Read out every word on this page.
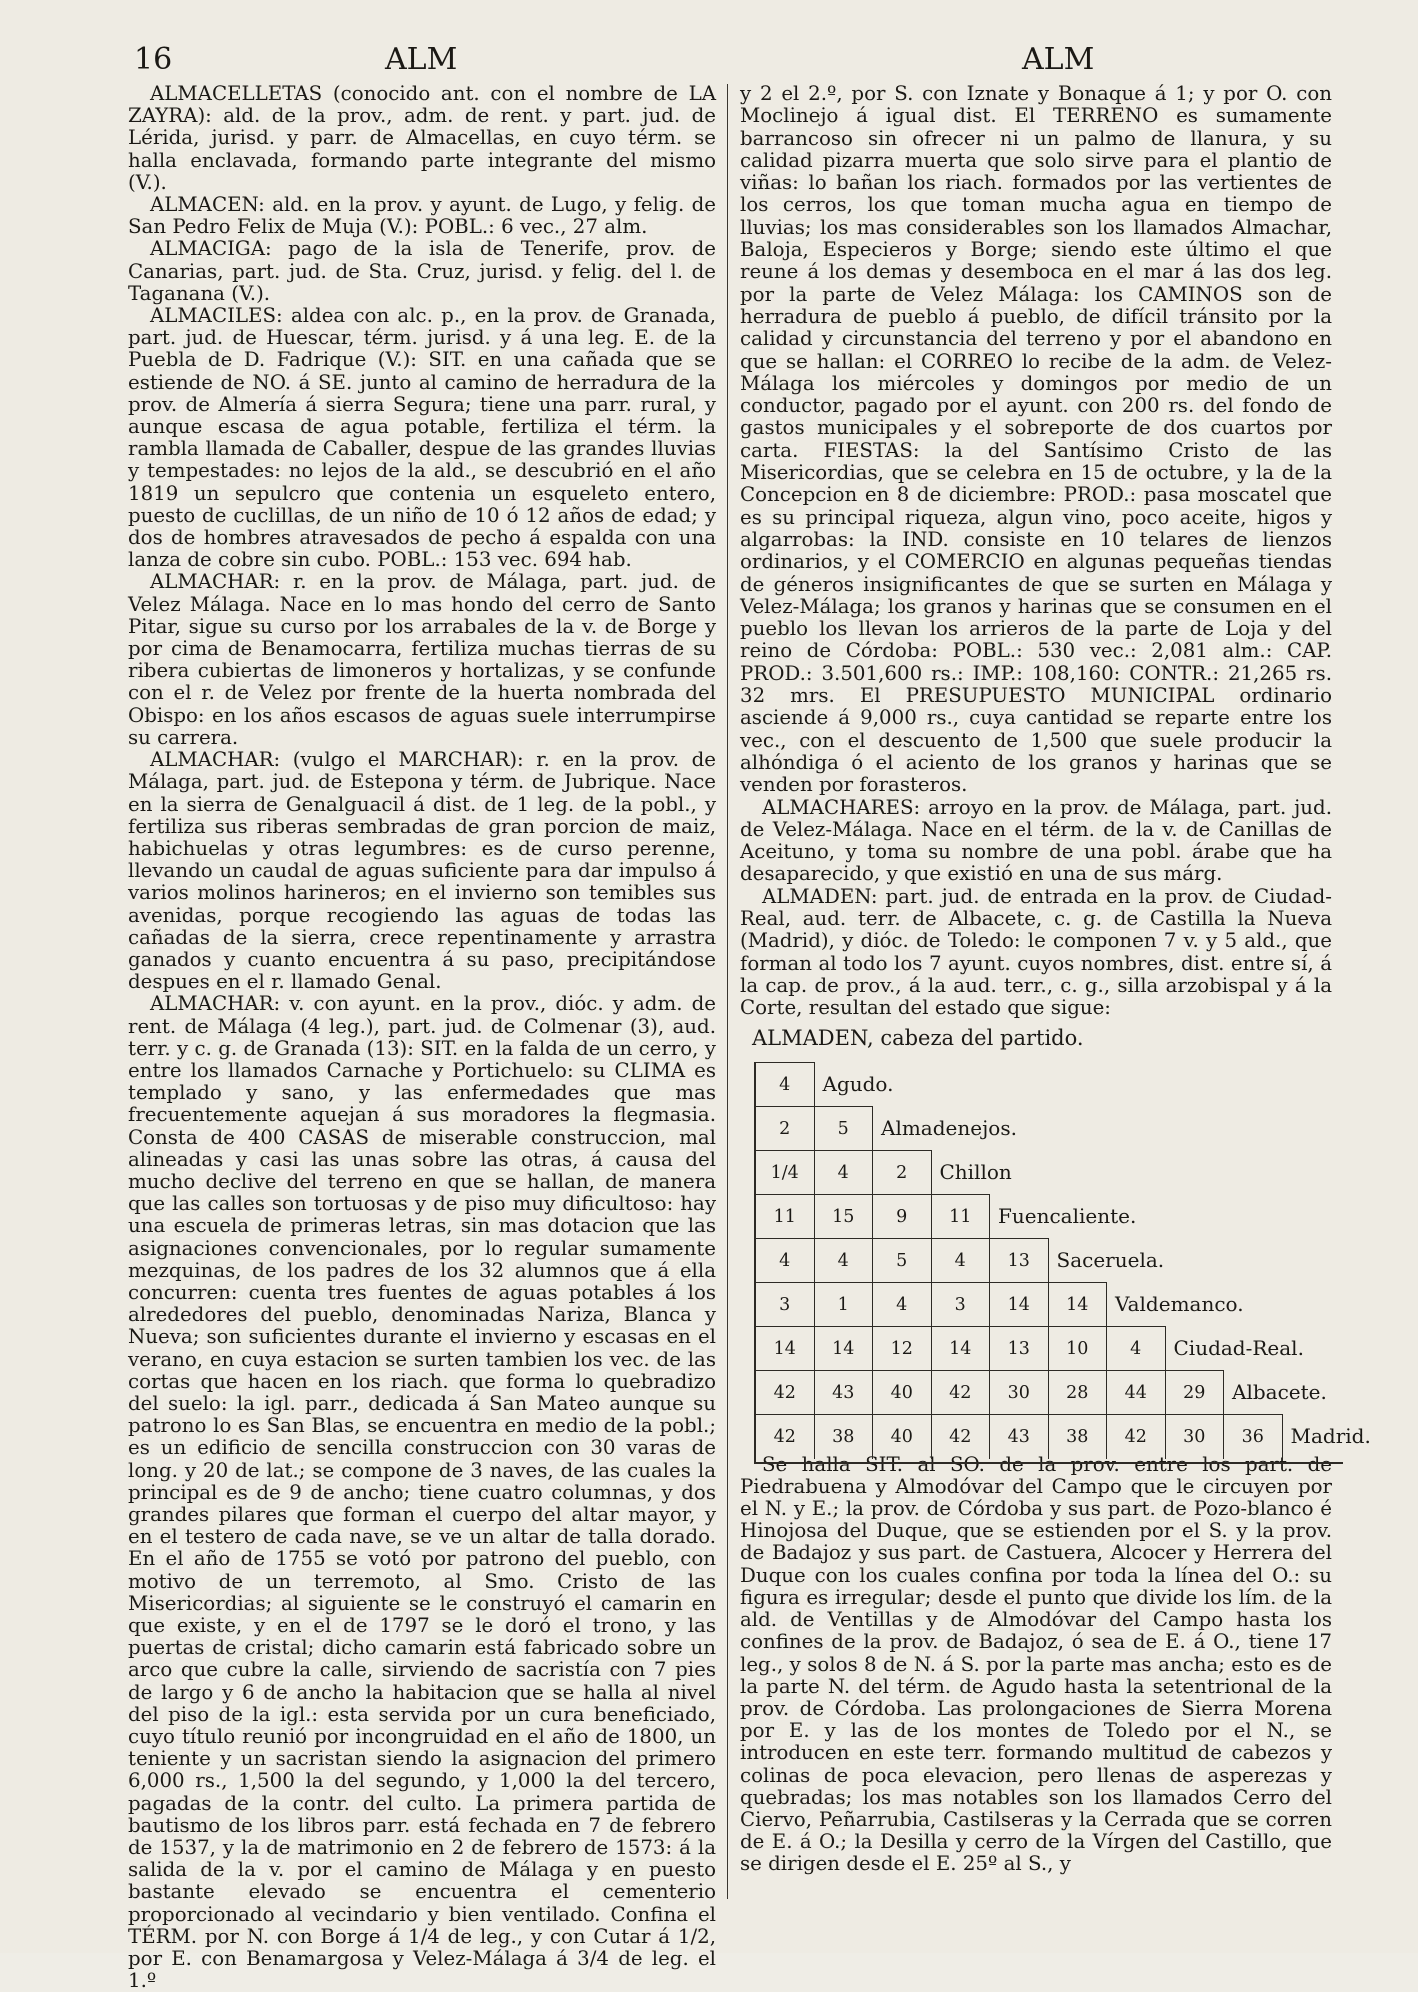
16	ALM	ALM

ALMACELLETAS (conocido ant. con el nombre de LA ZAYRA): ald. de la prov., adm. de rent. y part. jud. de Lérida, jurisd. y parr. de Almacellas, en cuyo térm. se halla enclavada, formando parte integrante del mismo (V.).

ALMACEN: ald. en la prov. y ayunt. de Lugo, y felig. de San Pedro Felix de Muja (V.): POBL.: 6 vec., 27 alm.

ALMACIGA: pago de la isla de Tenerife, prov. de Canarias, part. jud. de Sta. Cruz, jurisd. y felig. del l. de Taganana (V.).

ALMACILES: aldea con alc. p., en la prov. de Granada, part. jud. de Huescar, térm. jurisd. y á una leg. E. de la Puebla de D. Fadrique (V.): SIT. en una cañada que se estiende de NO. á SE. junto al camino de herradura de la prov. de Almería á sierra Segura; tiene una parr. rural, y aunque escasa de agua potable, fertiliza el térm. la rambla llamada de Caballer, despue de las grandes lluvias y tempestades: no lejos de la ald., se descubrió en el año 1819 un sepulcro que contenia un esqueleto entero, puesto de cuclillas, de un niño de 10 ó 12 años de edad; y dos de hombres atravesados de pecho á espalda con una lanza de cobre sin cubo. POBL.: 153 vec. 694 hab.

ALMACHAR: r. en la prov. de Málaga, part. jud. de Velez Málaga. Nace en lo mas hondo del cerro de Santo Pitar, sigue su curso por los arrabales de la v. de Borge y por cima de Benamocarra, fertiliza muchas tierras de su ribera cubiertas de limoneros y hortalizas, y se confunde con el r. de Velez por frente de la huerta nombrada del Obispo: en los años escasos de aguas suele interrumpirse su carrera.

ALMACHAR: (vulgo el MARCHAR): r. en la prov. de Málaga, part. jud. de Estepona y térm. de Jubrique. Nace en la sierra de Genalguacil á dist. de 1 leg. de la pobl., y fertiliza sus riberas sembradas de gran porcion de maiz, habichuelas y otras legumbres: es de curso perenne, llevando un caudal de aguas suficiente para dar impulso á varios molinos harineros; en el invierno son temibles sus avenidas, porque recogiendo las aguas de todas las cañadas de la sierra, crece repentinamente y arrastra ganados y cuanto encuentra á su paso, precipitándose despues en el r. llamado Genal.

ALMACHAR: v. con ayunt. en la prov., dióc. y adm. de rent. de Málaga (4 leg.), part. jud. de Colmenar (3), aud. terr. y c. g. de Granada (13): SIT. en la falda de un cerro, y entre los llamados Carnache y Portichuelo: su CLIMA es templado y sano, y las enfermedades que mas frecuentemente aquejan á sus moradores la flegmasia. Consta de 400 CASAS de miserable construccion, mal alineadas y casi las unas sobre las otras, á causa del mucho declive del terreno en que se hallan, de manera que las calles son tortuosas y de piso muy dificultoso: hay una escuela de primeras letras, sin mas dotacion que las asignaciones convencionales, por lo regular sumamente mezquinas, de los padres de los 32 alumnos que á ella concurren: cuenta tres fuentes de aguas potables á los alrededores del pueblo, denominadas Nariza, Blanca y Nueva; son suficientes durante el invierno y escasas en el verano, en cuya estacion se surten tambien los vec. de las cortas que hacen en los riach. que forma lo quebradizo del suelo: la igl. parr., dedicada á San Mateo aunque su patrono lo es San Blas, se encuentra en medio de la pobl.; es un edificio de sencilla construccion con 30 varas de long. y 20 de lat.; se compone de 3 naves, de las cuales la principal es de 9 de ancho; tiene cuatro columnas, y dos grandes pilares que forman el cuerpo del altar mayor, y en el testero de cada nave, se ve un altar de talla dorado. En el año de 1755 se votó por patrono del pueblo, con motivo de un terremoto, al Smo. Cristo de las Misericordias; al siguiente se le construyó el camarin en que existe, y en el de 1797 se le doró el trono, y las puertas de cristal; dicho camarin está fabricado sobre un arco que cubre la calle, sirviendo de sacristía con 7 pies de largo y 6 de ancho la habitacion que se halla al nivel del piso de la igl.: esta servida por un cura beneficiado, cuyo título reunió por incongruidad en el año de 1800, un teniente y un sacristan siendo la asignacion del primero 6,000 rs., 1,500 la del segundo, y 1,000 la del tercero, pagadas de la contr. del culto. La primera partida de bautismo de los libros parr. está fechada en 7 de febrero de 1537, y la de matrimonio en 2 de febrero de 1573: á la salida de la v. por el camino de Málaga y en puesto bastante elevado se encuentra el cementerio proporcionado al vecindario y bien ventilado. Confina el TÉRM. por N. con Borge á 1/4 de leg., y con Cutar á 1/2, por E. con Benamargosa y Velez-Málaga á 3/4 de leg. el 1.º

y 2 el 2.º, por S. con Iznate y Bonaque á 1; y por O. con Moclinejo á igual dist. El TERRENO es sumamente barrancoso sin ofrecer ni un palmo de llanura, y su calidad pizarra muerta que solo sirve para el plantio de viñas: lo bañan los riach. formados por las vertientes de los cerros, los que toman mucha agua en tiempo de lluvias; los mas considerables son los llamados Almachar, Baloja, Especieros y Borge; siendo este último el que reune á los demas y desemboca en el mar á las dos leg. por la parte de Velez Málaga: los CAMINOS son de herradura de pueblo á pueblo, de difícil tránsito por la calidad y circunstancia del terreno y por el abandono en que se hallan: el CORREO lo recibe de la adm. de Velez-Málaga los miércoles y domingos por medio de un conductor, pagado por el ayunt. con 200 rs. del fondo de gastos municipales y el sobreporte de dos cuartos por carta. FIESTAS: la del Santísimo Cristo de las Misericordias, que se celebra en 15 de octubre, y la de la Concepcion en 8 de diciembre: PROD.: pasa moscatel que es su principal riqueza, algun vino, poco aceite, higos y algarrobas: la IND. consiste en 10 telares de lienzos ordinarios, y el COMERCIO en algunas pequeñas tiendas de géneros insignificantes de que se surten en Málaga y Velez-Málaga; los granos y harinas que se consumen en el pueblo los llevan los arrieros de la parte de Loja y del reino de Córdoba: POBL.: 530 vec.: 2,081 alm.: CAP. PROD.: 3.501,600 rs.: IMP.: 108,160: CONTR.: 21,265 rs. 32 mrs. El PRESUPUESTO MUNICIPAL ordinario asciende á 9,000 rs., cuya cantidad se reparte entre los vec., con el descuento de 1,500 que suele producir la alhóndiga ó el aciento de los granos y harinas que se venden por forasteros.

ALMACHARES: arroyo en la prov. de Málaga, part. jud. de Velez-Málaga. Nace en el térm. de la v. de Canillas de Aceituno, y toma su nombre de una pobl. árabe que ha desaparecido, y que existió en una de sus márg.

ALMADEN: part. jud. de entrada en la prov. de Ciudad-Real, aud. terr. de Albacete, c. g. de Castilla la Nueva (Madrid), y dióc. de Toledo: le componen 7 v. y 5 ald., que forman al todo los 7 ayunt. cuyos nombres, dist. entre sí, á la cap. de prov., á la aud. terr., c. g., silla arzobispal y á la Corte, resultan del estado que sigue:

ALMADEN, cabeza del partido.
4	Agudo.
2	5	Almadenejos.
1/4	4	2	Chillon
11	15	9	11	Fuencaliente.
4	4	5	4	13	Saceruela.
3	1	4	3	14	14	Valdemanco.
14	14	12	14	13	10	4	Ciudad-Real.
42	43	40	42	30	28	44	29	Albacete.
42	38	40	42	43	38	42	30	36	Madrid.

Se halla SIT. al SO. de la prov. entre los part. de Piedrabuena y Almodóvar del Campo que le circuyen por el N. y E.; la prov. de Córdoba y sus part. de Pozo-blanco é Hinojosa del Duque, que se estienden por el S. y la prov. de Badajoz y sus part. de Castuera, Alcocer y Herrera del Duque con los cuales confina por toda la línea del O.: su figura es irregular; desde el punto que divide los lím. de la ald. de Ventillas y de Almodóvar del Campo hasta los confines de la prov. de Badajoz, ó sea de E. á O., tiene 17 leg., y solos 8 de N. á S. por la parte mas ancha; esto es de la parte N. del térm. de Agudo hasta la setentrional de la prov. de Córdoba. Las prolongaciones de Sierra Morena por E. y las de los montes de Toledo por el N., se introducen en este terr. formando multitud de cabezos y colinas de poca elevacion, pero llenas de asperezas y quebradas; los mas notables son los llamados Cerro del Ciervo, Peñarrubia, Castilseras y la Cerrada que se corren de E. á O.; la Desilla y cerro de la Vírgen del Castillo, que se dirigen desde el E. 25º al S., y
